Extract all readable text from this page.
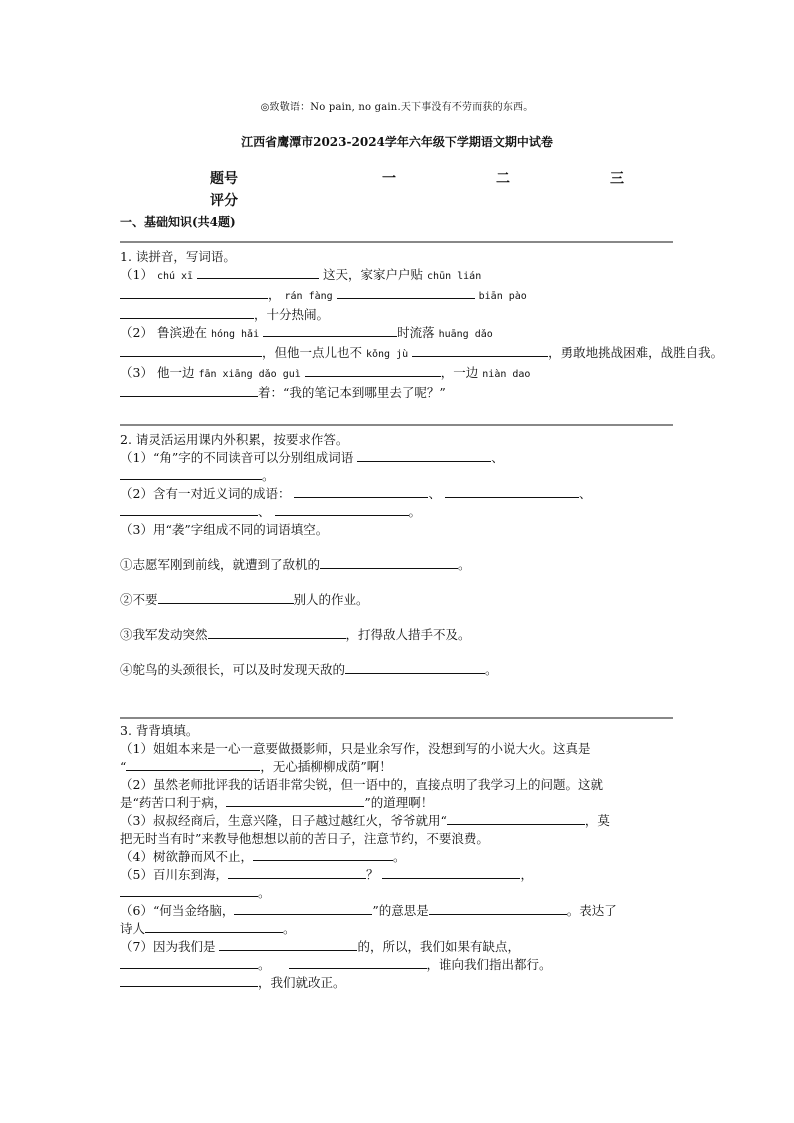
◎致敬语：No pain, no gain.天下事没有不劳而获的东西。
江西省鹰潭市2023-2024学年六年级下学期语文期中试卷
题号	一	二	三
评分
一、基础知识(共4题)
1. 读拼音，写词语。
（1） chú xī	这天，家家户户贴 chūn lián
， rán fàng	biān pào
，十分热闹。
（2） 鲁滨逊在 hóng hǎi	时流落 huāng dǎo
，但他一点儿也不 kǒng jù	，勇敢地挑战困难，战胜自我。
（3） 他一边 fān xiāng dǎo guì	，一边 niàn dao
着：“我的笔记本到哪里去了呢？”
2. 请灵活运用课内外积累，按要求作答。
（1）“角”字的不同读音可以分别组成词语	、
。
（2）含有一对近义词的成语：	、	、
、	。
（3）用“袭”字组成不同的词语填空。
①志愿军刚到前线，就遭到了敌机的	。
②不要	别人的作业。
③我军发动突然	，打得敌人措手不及。
④鸵鸟的头颈很长，可以及时发现天敌的	。
3. 背背填填。
（1）姐姐本来是一心一意要做摄影师，只是业余写作，没想到写的小说大火。这真是
“	，无心插柳柳成荫”啊！
（2）虽然老师批评我的话语非常尖锐，但一语中的，直接点明了我学习上的问题。这就
是“药苦口利于病，	”的道理啊！
（3）叔叔经商后，生意兴隆，日子越过越红火，爷爷就用“	，莫
把无时当有时”来教导他想想以前的苦日子，注意节约，不要浪费。
（4）树欲静而风不止，	。
（5）百川东到海，	？	，
。
（6）“何当金络脑，	”的意思是	。表达了
诗人	。
（7）因为我们是	的，所以，我们如果有缺点，
。	，谁向我们指出都行。
，我们就改正。
